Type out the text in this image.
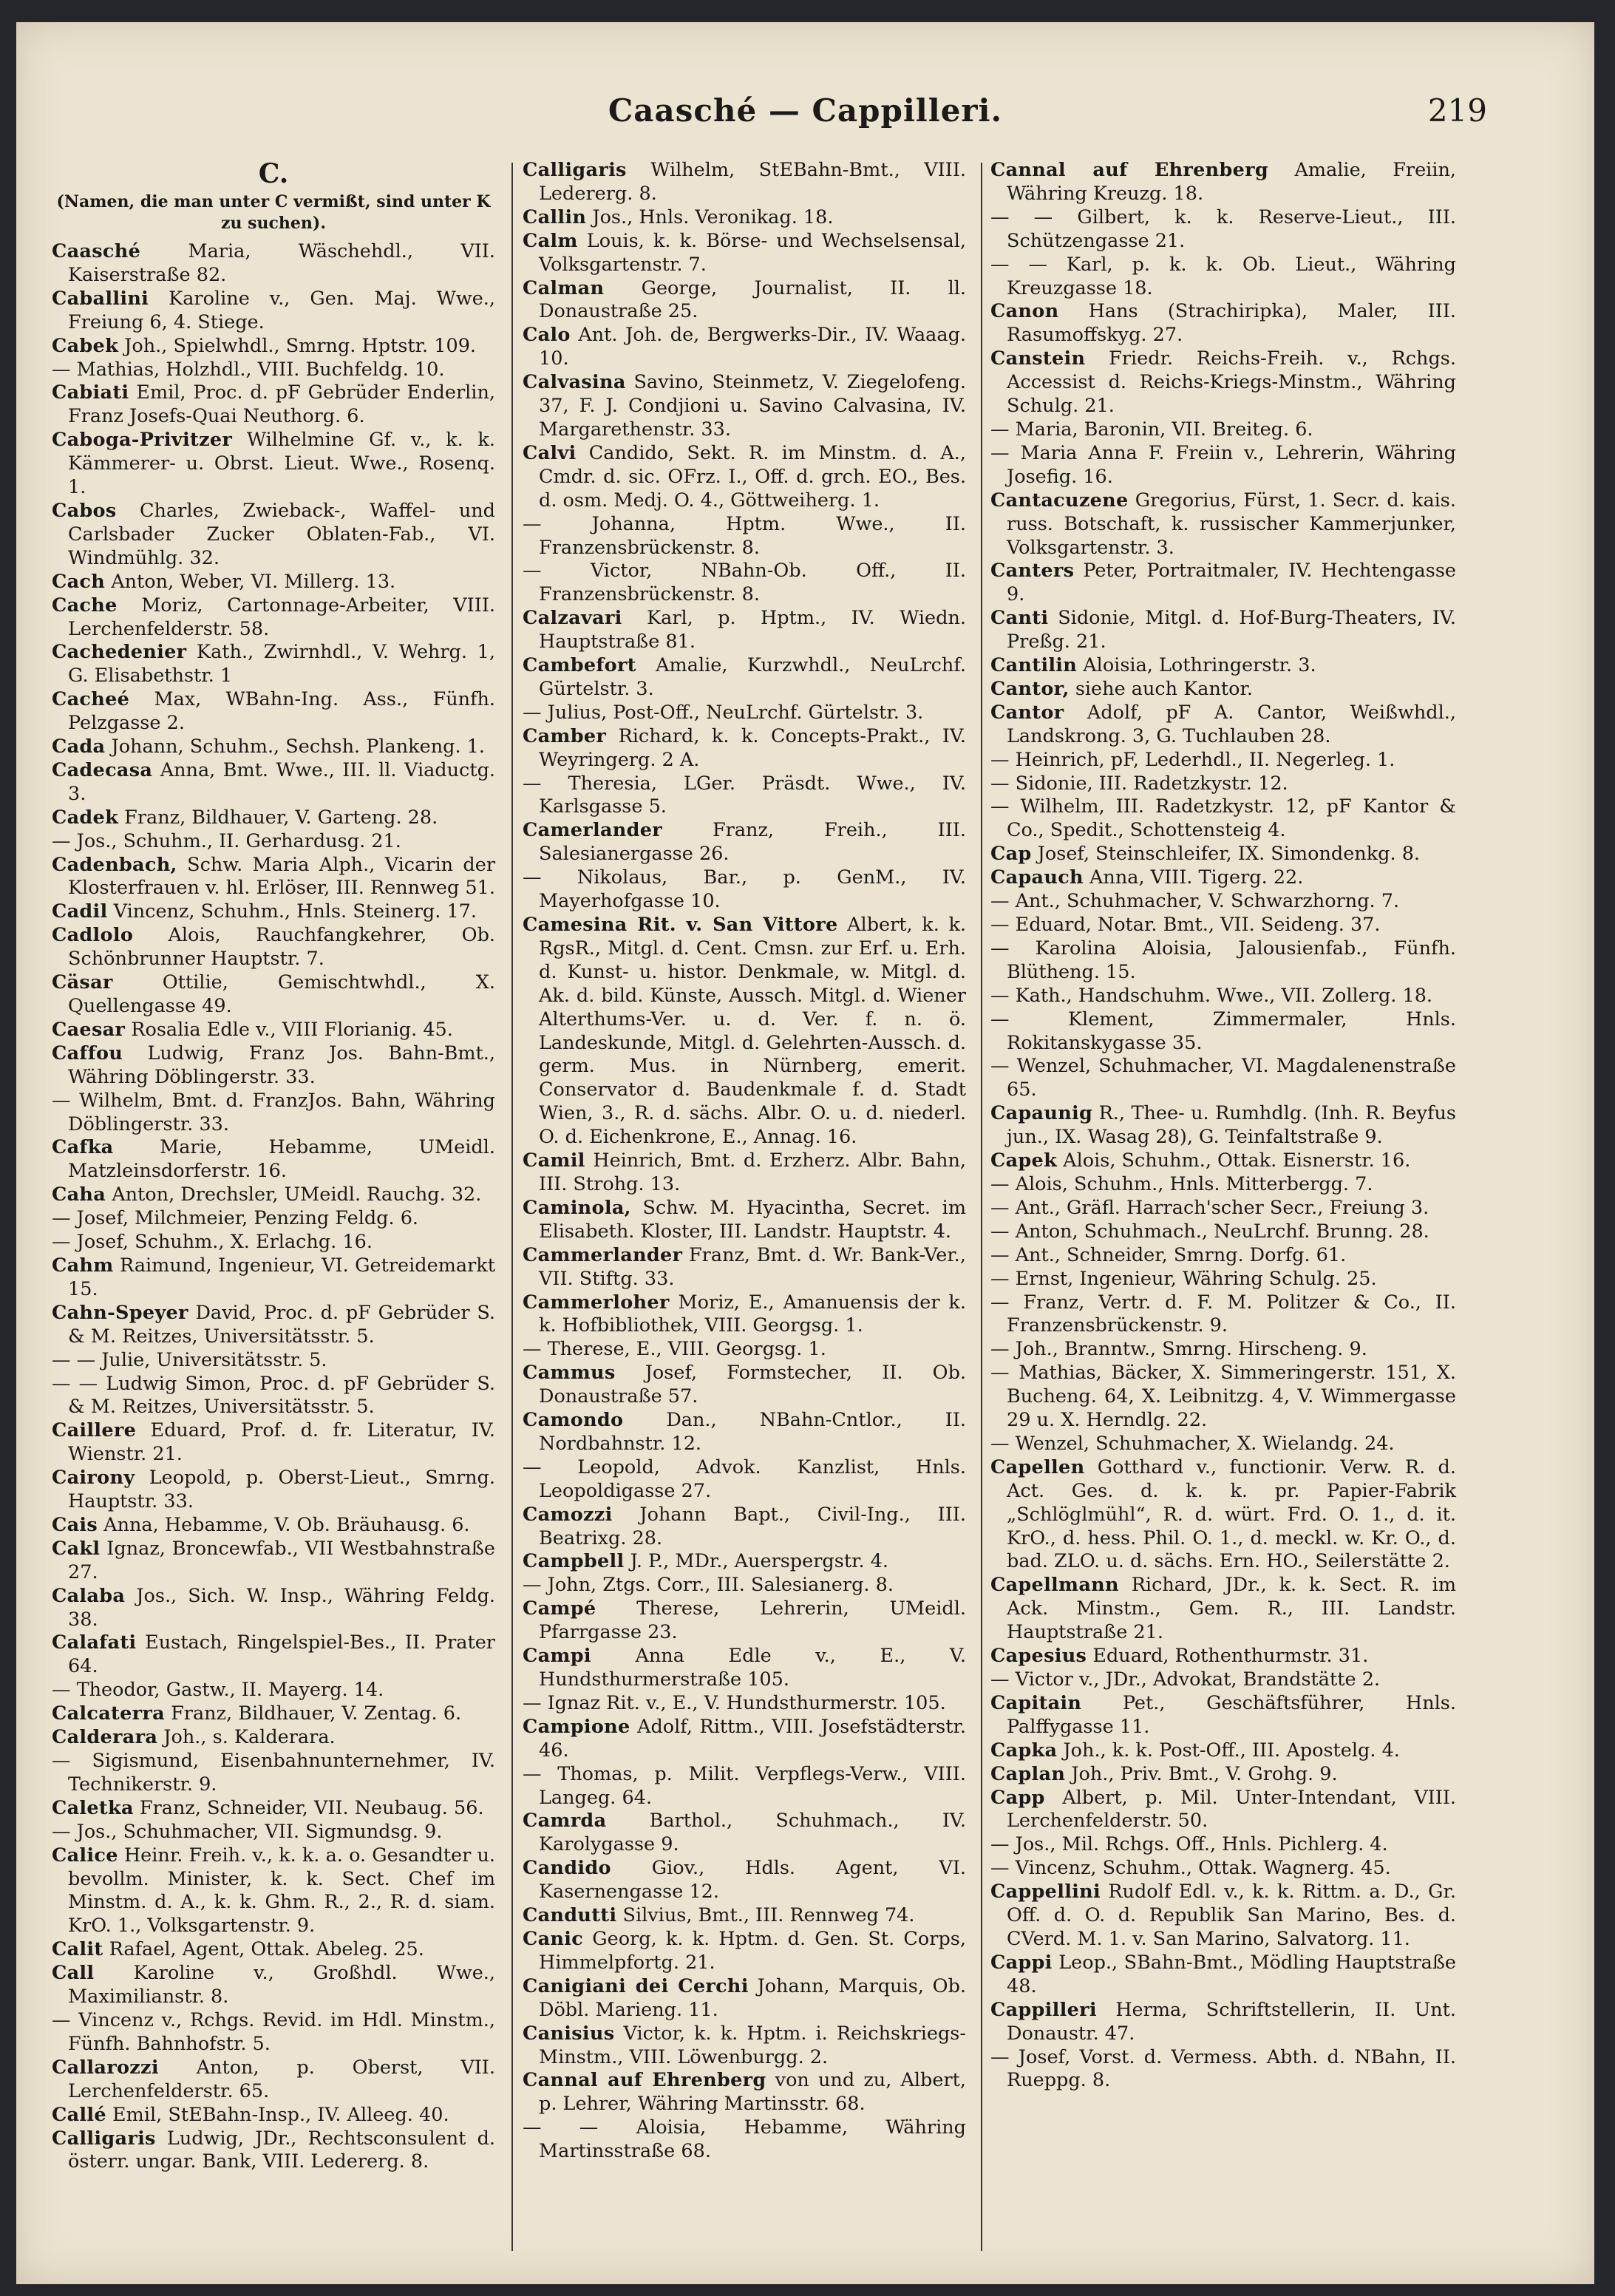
Caasché — Cappilleri.	219
C.
(Namen, die man unter C vermißt, sind unter K zu suchen).
Caasché	Maria, Wäschehdl., VII. Kaiserstraße 82.
Caballini Karoline v., Gen. Maj. Wwe., Freiung 6, 4. Stiege.
Cabek Joh., Spielwhdl., Smrng. Hptstr. 109.
— Mathias, Holzhdl., VIII. Buchfeldg. 10.
Cabiati Emil, Proc. d. pF Gebrüder Enderlin, Franz Josefs-Quai Neuthorg. 6.
Caboga-Privitzer Wilhelmine Gf. v., k. k. Kämmerer- u. Obrst. Lieut. Wwe., Rosenq. 1.
Cabos Charles, Zwieback-, Waffel- und Carlsbader Zucker Oblaten-Fab., VI. Windmühlg. 32.
Cach Anton, Weber, VI. Millerg. 13.
Cache Moriz, Cartonnage-Arbeiter, VIII. Lerchenfelderstr. 58.
Cachedenier Kath., Zwirnhdl., V. Wehrg. 1, G. Elisabethstr. 1
Cacheé Max, WBahn-Ing. Ass., Fünfh. Pelzgasse 2.
Cada Johann, Schuhm., Sechsh. Plankeng. 1.
Cadecasa Anna, Bmt. Wwe., III. ll. Viaductg. 3.
Cadek Franz, Bildhauer, V. Garteng. 28.
— Jos., Schuhm., II. Gerhardusg. 21.
Cadenbach, Schw. Maria Alph., Vicarin der Klosterfrauen v. hl. Erlöser, III. Rennweg 51.
Cadil Vincenz, Schuhm., Hnls. Steinerg. 17.
Cadlolo Alois, Rauchfangkehrer, Ob. Schönbrunner Hauptstr. 7.
Cäsar	Ottilie, Gemischtwhdl., X. Quellengasse 49.
Caesar Rosalia Edle v., VIII Florianig. 45.
Caffou Ludwig, Franz Jos. Bahn-Bmt., Währing Döblingerstr. 33.
— Wilhelm, Bmt. d. FranzJos. Bahn, Währing Döblingerstr. 33.
Cafka Marie, Hebamme, UMeidl. Matzleinsdorferstr. 16.
Caha Anton, Drechsler, UMeidl. Rauchg. 32.
— Josef, Milchmeier, Penzing Feldg. 6.
— Josef, Schuhm., X. Erlachg. 16.
Cahm Raimund, Ingenieur, VI. Getreidemarkt 15.
Cahn-Speyer David, Proc. d. pF Gebrüder S. & M. Reitzes, Universitätsstr. 5.
— — Julie, Universitätsstr. 5.
— — Ludwig Simon, Proc. d. pF Gebrüder S. & M. Reitzes, Universitätsstr. 5.
Caillere Eduard, Prof. d. fr. Literatur, IV. Wienstr. 21.
Cairony Leopold, p. Oberst-Lieut., Smrng. Hauptstr. 33.
Cais Anna, Hebamme, V. Ob. Bräuhausg. 6.
Cakl Ignaz, Broncewfab., VII Westbahnstraße 27.
Calaba Jos., Sich. W. Insp., Währing Feldg. 38.
Calafati Eustach, Ringelspiel-Bes., II. Prater 64.
— Theodor, Gastw., II. Mayerg. 14.
Calcaterra Franz, Bildhauer, V. Zentag. 6.
Calderara Joh., s. Kalderara.
— Sigismund, Eisenbahnunternehmer, IV. Technikerstr. 9.
Caletka Franz, Schneider, VII. Neubaug. 56.
— Jos., Schuhmacher, VII. Sigmundsg. 9.
Calice Heinr. Freih. v., k. k. a. o. Gesandter u. bevollm. Minister, k. k. Sect. Chef im Minstm. d. A., k. k. Ghm. R., 2., R. d. siam. KrO. 1., Volksgartenstr. 9.
Calit Rafael, Agent, Ottak. Abeleg. 25.
Call Karoline v., Großhdl. Wwe., Maximilianstr. 8.
— Vincenz v., Rchgs. Revid. im Hdl. Minstm., Fünfh. Bahnhofstr. 5.
Callarozzi Anton, p. Oberst, VII. Lerchenfelderstr. 65.
Callé Emil, StEBahn-Insp., IV. Alleeg. 40.
Calligaris Ludwig, JDr., Rechtsconsulent d. österr. ungar. Bank, VIII. Ledererg. 8.
Calligaris Wilhelm, StEBahn-Bmt., VIII. Ledererg. 8.
Callin Jos., Hnls. Veronikag. 18.
Calm Louis, k. k. Börse- und Wechselsensal, Volksgartenstr. 7.
Calman George, Journalist, II. ll. Donaustraße 25.
Calo Ant. Joh. de, Bergwerks-Dir., IV. Waaag. 10.
Calvasina Savino, Steinmetz, V. Ziegelofeng. 37, F. J. Condjioni u. Savino Calvasina, IV. Margarethenstr. 33.
Calvi Candido, Sekt. R. im Minstm. d. A., Cmdr. d. sic. OFrz. I., Off. d. grch. EO., Bes. d. osm. Medj. O. 4., Göttweiherg. 1.
— Johanna, Hptm. Wwe., II. Franzensbrückenstr. 8.
— Victor, NBahn-Ob. Off., II. Franzensbrückenstr. 8.
Calzavari Karl, p. Hptm., IV. Wiedn. Hauptstraße 81.
Cambefort Amalie, Kurzwhdl., NeuLrchf. Gürtelstr. 3.
— Julius, Post-Off., NeuLrchf. Gürtelstr. 3.
Camber Richard, k. k. Concepts-Prakt., IV. Weyringerg. 2 A.
— Theresia, LGer. Präsdt. Wwe., IV. Karlsgasse 5.
Camerlander	Franz, Freih., III. Salesianergasse 26.
— Nikolaus, Bar., p. GenM., IV. Mayerhofgasse 10.
Camesina Rit. v. San Vittore Albert, k. k. RgsR., Mitgl. d. Cent. Cmsn. zur Erf. u. Erh. d. Kunst- u. histor. Denkmale, w. Mitgl. d. Ak. d. bild. Künste, Aussch. Mitgl. d. Wiener Alterthums-Ver. u. d. Ver. f. n. ö. Landeskunde, Mitgl. d. Gelehrten-Aussch. d. germ. Mus. in Nürnberg, emerit. Conservator d. Baudenkmale f. d. Stadt Wien, 3., R. d. sächs. Albr. O. u. d. niederl. O. d. Eichenkrone, E., Annag. 16.
Camil Heinrich, Bmt. d. Erzherz. Albr. Bahn, III. Strohg. 13.
Caminola, Schw. M. Hyacintha, Secret. im Elisabeth. Kloster, III. Landstr. Hauptstr. 4.
Cammerlander Franz, Bmt. d. Wr. Bank-Ver., VII. Stiftg. 33.
Cammerloher Moriz, E., Amanuensis der k. k. Hofbibliothek, VIII. Georgsg. 1.
— Therese, E., VIII. Georgsg. 1.
Cammus Josef, Formstecher, II. Ob. Donaustraße 57.
Camondo Dan., NBahn-Cntlor., II. Nordbahnstr. 12.
— Leopold, Advok. Kanzlist, Hnls. Leopoldigasse 27.
Camozzi Johann Bapt., Civil-Ing., III. Beatrixg. 28.
Campbell J. P., MDr., Auerspergstr. 4.
— John, Ztgs. Corr., III. Salesianerg. 8.
Campé Therese, Lehrerin, UMeidl. Pfarrgasse 23.
Campi Anna Edle v., E., V. Hundsthurmerstraße 105.
— Ignaz Rit. v., E., V. Hundsthurmerstr. 105.
Campione Adolf, Rittm., VIII. Josefstädterstr. 46.
— Thomas, p. Milit. Verpflegs-Verw., VIII. Langeg. 64.
Camrda Barthol., Schuhmach., IV. Karolygasse 9.
Candido Giov., Hdls. Agent, VI. Kasernengasse 12.
Candutti Silvius, Bmt., III. Rennweg 74.
Canic Georg, k. k. Hptm. d. Gen. St. Corps, Himmelpfortg. 21.
Canigiani dei Cerchi Johann, Marquis, Ob. Döbl. Marieng. 11.
Canisius Victor, k. k. Hptm. i. Reichskriegs-Minstm., VIII. Löwenburgg. 2.
Cannal auf Ehrenberg von und zu, Albert, p. Lehrer, Währing Martinsstr. 68.
— — Aloisia, Hebamme, Währing Martinsstraße 68.
Cannal auf Ehrenberg Amalie, Freiin, Währing Kreuzg. 18.
— — Gilbert, k. k. Reserve-Lieut., III. Schützengasse 21.
— — Karl, p. k. k. Ob. Lieut., Währing Kreuzgasse 18.
Canon Hans (Strachiripka), Maler, III. Rasumoffskyg. 27.
Canstein Friedr. Reichs-Freih. v., Rchgs. Accessist d. Reichs-Kriegs-Minstm., Währing Schulg. 21.
— Maria, Baronin, VII. Breiteg. 6.
— Maria Anna F. Freiin v., Lehrerin, Währing Josefig. 16.
Cantacuzene Gregorius, Fürst, 1. Secr. d. kais. russ. Botschaft, k. russischer Kammerjunker, Volksgartenstr. 3.
Canters Peter, Portraitmaler, IV. Hechtengasse 9.
Canti Sidonie, Mitgl. d. Hof-Burg-Theaters, IV. Preßg. 21.
Cantilin Aloisia, Lothringerstr. 3.
Cantor, siehe auch Kantor.
Cantor Adolf, pF A. Cantor, Weißwhdl., Landskrong. 3, G. Tuchlauben 28.
— Heinrich, pF, Lederhdl., II. Negerleg. 1.
— Sidonie, III. Radetzkystr. 12.
— Wilhelm, III. Radetzkystr. 12, pF Kantor & Co., Spedit., Schottensteig 4.
Cap Josef, Steinschleifer, IX. Simondenkg. 8.
Capauch Anna, VIII. Tigerg. 22.
— Ant., Schuhmacher, V. Schwarzhorng. 7.
— Eduard, Notar. Bmt., VII. Seideng. 37.
— Karolina Aloisia, Jalousienfab., Fünfh. Blütheng. 15.
— Kath., Handschuhm. Wwe., VII. Zollerg. 18.
— Klement, Zimmermaler, Hnls. Rokitanskygasse 35.
— Wenzel, Schuhmacher, VI. Magdalenenstraße 65.
Capaunig R., Thee- u. Rumhdlg. (Inh. R. Beyfus jun., IX. Wasag 28), G. Teinfaltstraße 9.
Capek Alois, Schuhm., Ottak. Eisnerstr. 16.
— Alois, Schuhm., Hnls. Mitterbergg. 7.
— Ant., Gräfl. Harrach'scher Secr., Freiung 3.
— Anton, Schuhmach., NeuLrchf. Brunng. 28.
— Ant., Schneider, Smrng. Dorfg. 61.
— Ernst, Ingenieur, Währing Schulg. 25.
— Franz, Vertr. d. F. M. Politzer & Co., II. Franzensbrückenstr. 9.
— Joh., Branntw., Smrng. Hirscheng. 9.
— Mathias, Bäcker, X. Simmeringerstr. 151, X. Bucheng. 64, X. Leibnitzg. 4, V. Wimmergasse 29 u. X. Herndlg. 22.
— Wenzel, Schuhmacher, X. Wielandg. 24.
Capellen Gotthard v., functionir. Verw. R. d. Act. Ges. d. k. k. pr. Papier-Fabrik „Schlöglmühl“, R. d. würt. Frd. O. 1., d. it. KrO., d. hess. Phil. O. 1., d. meckl. w. Kr. O., d. bad. ZLO. u. d. sächs. Ern. HO., Seilerstätte 2.
Capellmann Richard, JDr., k. k. Sect. R. im Ack. Minstm., Gem. R., III. Landstr. Hauptstraße 21.
Capesius Eduard, Rothenthurmstr. 31.
— Victor v., JDr., Advokat, Brandstätte 2.
Capitain Pet., Geschäftsführer, Hnls. Palffygasse 11.
Capka Joh., k. k. Post-Off., III. Apostelg. 4.
Caplan Joh., Priv. Bmt., V. Grohg. 9.
Capp Albert, p. Mil. Unter-Intendant, VIII. Lerchenfelderstr. 50.
— Jos., Mil. Rchgs. Off., Hnls. Pichlerg. 4.
— Vincenz, Schuhm., Ottak. Wagnerg. 45.
Cappellini Rudolf Edl. v., k. k. Rittm. a. D., Gr. Off. d. O. d. Republik San Marino, Bes. d. CVerd. M. 1. v. San Marino, Salvatorg. 11.
Cappi Leop., SBahn-Bmt., Mödling Hauptstraße 48.
Cappilleri Herma, Schriftstellerin, II. Unt. Donaustr. 47.
— Josef, Vorst. d. Vermess. Abth. d. NBahn, II. Rueppg. 8.
